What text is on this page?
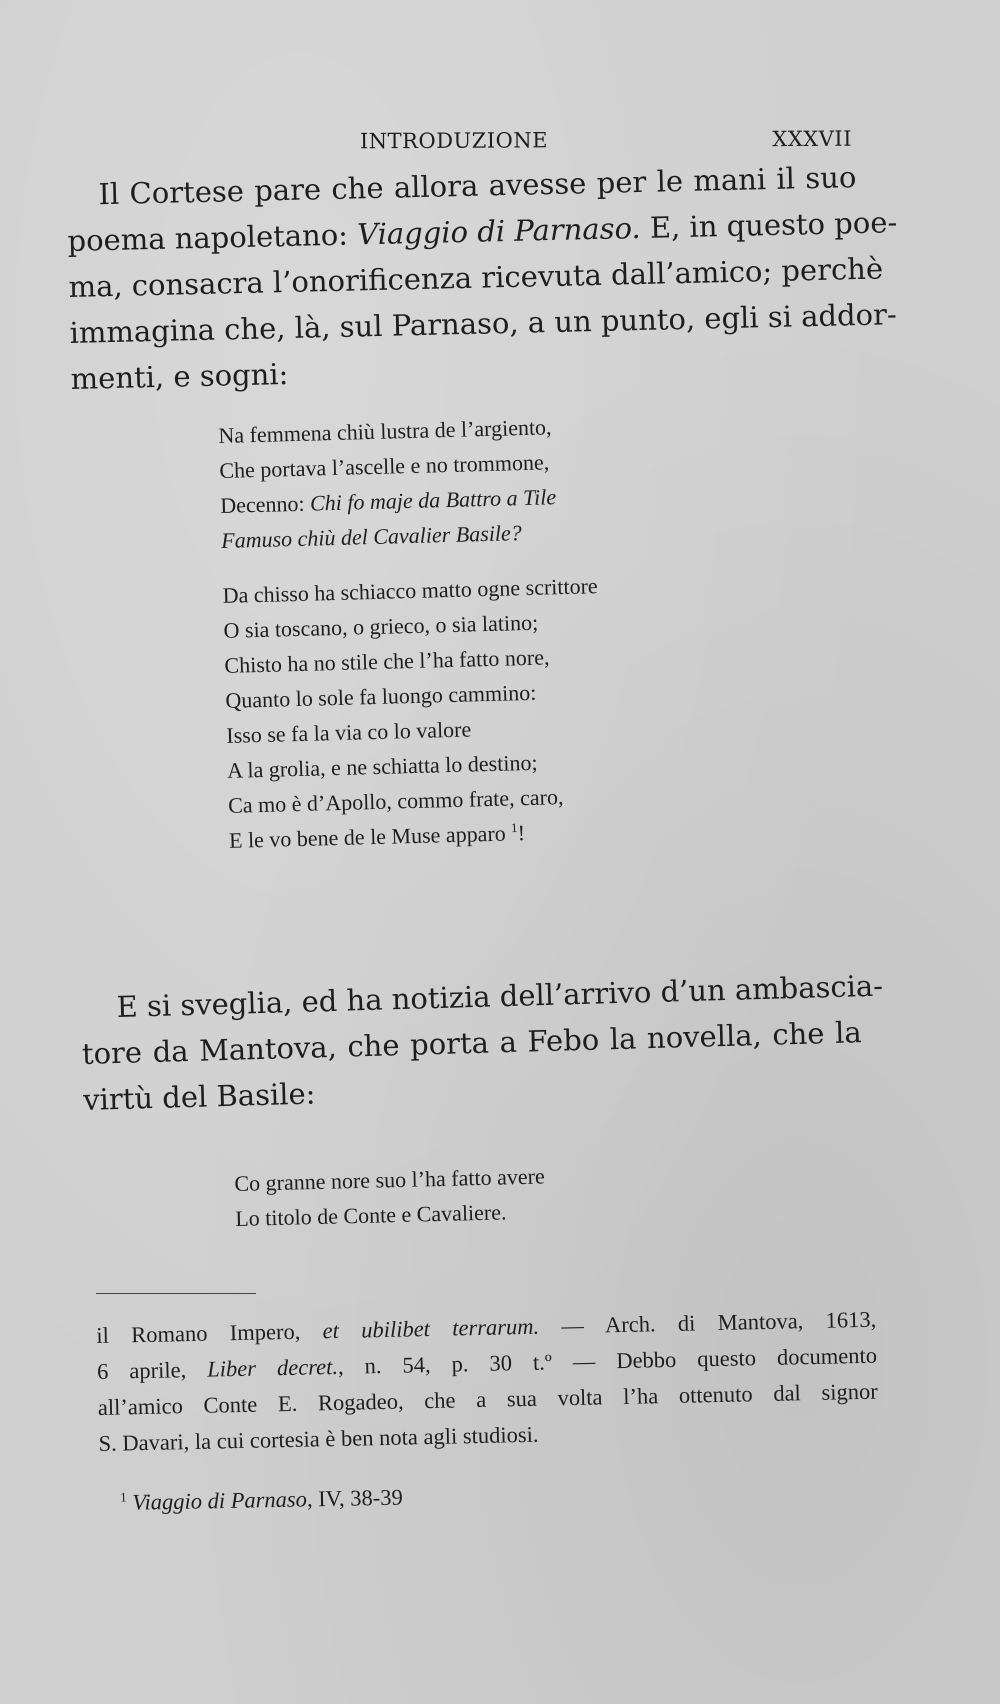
INTRODUZIONE	XXXVII
Il Cortese pare che allora avesse per le mani il suo
poema napoletano: Viaggio di Parnaso. E, in questo poe-
ma, consacra l’onorificenza ricevuta dall’amico; perchè
immagina che, là, sul Parnaso, a un punto, egli si addor-
menti, e sogni:
Na femmena chiù lustra de l’argiento,
Che portava l’ascelle e no trommone,
Decenno: Chi fo maje da Battro a Tile
Famuso chiù del Cavalier Basile?
Da chisso ha schiacco matto ogne scrittore
O sia toscano, o grieco, o sia latino;
Chisto ha no stile che l’ha fatto nore,
Quanto lo sole fa luongo cammino:
Isso se fa la via co lo valore
A la grolia, e ne schiatta lo destino;
Ca mo è d’Apollo, commo frate, caro,
E le vo bene de le Muse apparo $^1$!
E si sveglia, ed ha notizia dell’arrivo d’un ambascia-
tore da Mantova, che porta a Febo la novella, che la
virtù del Basile:
Co granne nore suo l’ha fatto avere
Lo titolo de Conte e Cavaliere.
il Romano Impero, et ubilibet terrarum. — Arch. di Mantova, 1613,
6 aprile, Liber decret., n. 54, p. 30 t.º — Debbo questo documento
all’amico Conte E. Rogadeo, che a sua volta l’ha ottenuto dal signor
S. Davari, la cui cortesia è ben nota agli studiosi.
$^1$ Viaggio di Parnaso, IV, 38-39
